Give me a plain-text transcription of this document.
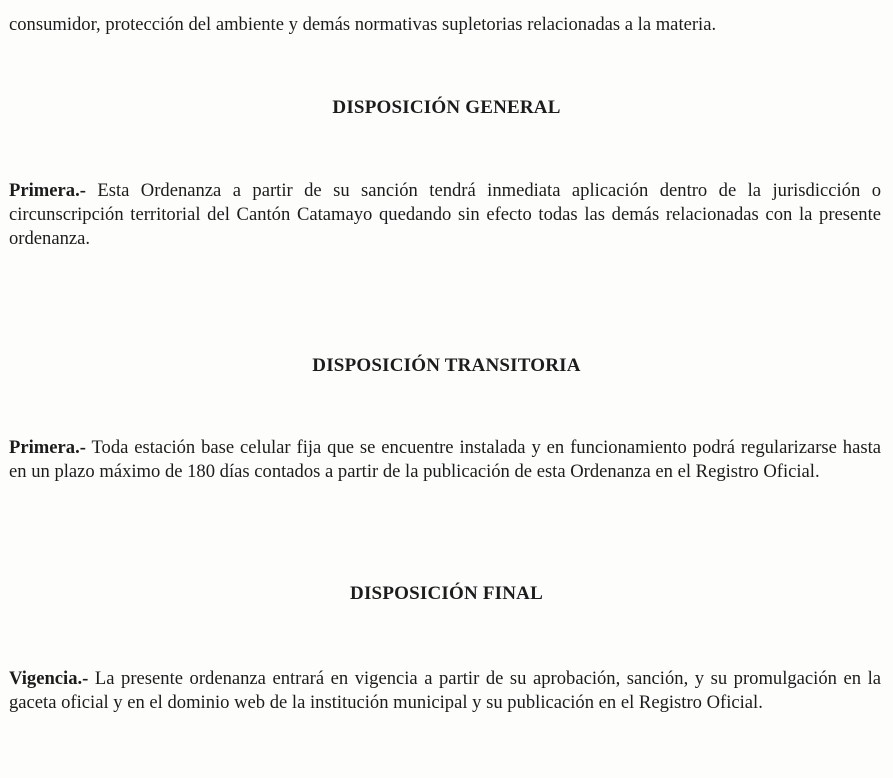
consumidor, protección del ambiente y demás normativas supletorias relacionadas a la materia.

DISPOSICIÓN GENERAL

Primera.- Esta Ordenanza a partir de su sanción tendrá inmediata aplicación dentro de la jurisdicción o circunscripción territorial del Cantón Catamayo quedando sin efecto todas las demás relacionadas con la presente ordenanza.

DISPOSICIÓN TRANSITORIA

Primera.- Toda estación base celular fija que se encuentre instalada y en funcionamiento podrá regularizarse hasta en un plazo máximo de 180 días contados a partir de la publicación de esta Ordenanza en el Registro Oficial.

DISPOSICIÓN FINAL

Vigencia.- La presente ordenanza entrará en vigencia a partir de su aprobación, sanción, y su promulgación en la gaceta oficial y en el dominio web de la institución municipal y su publicación en el Registro Oficial.
